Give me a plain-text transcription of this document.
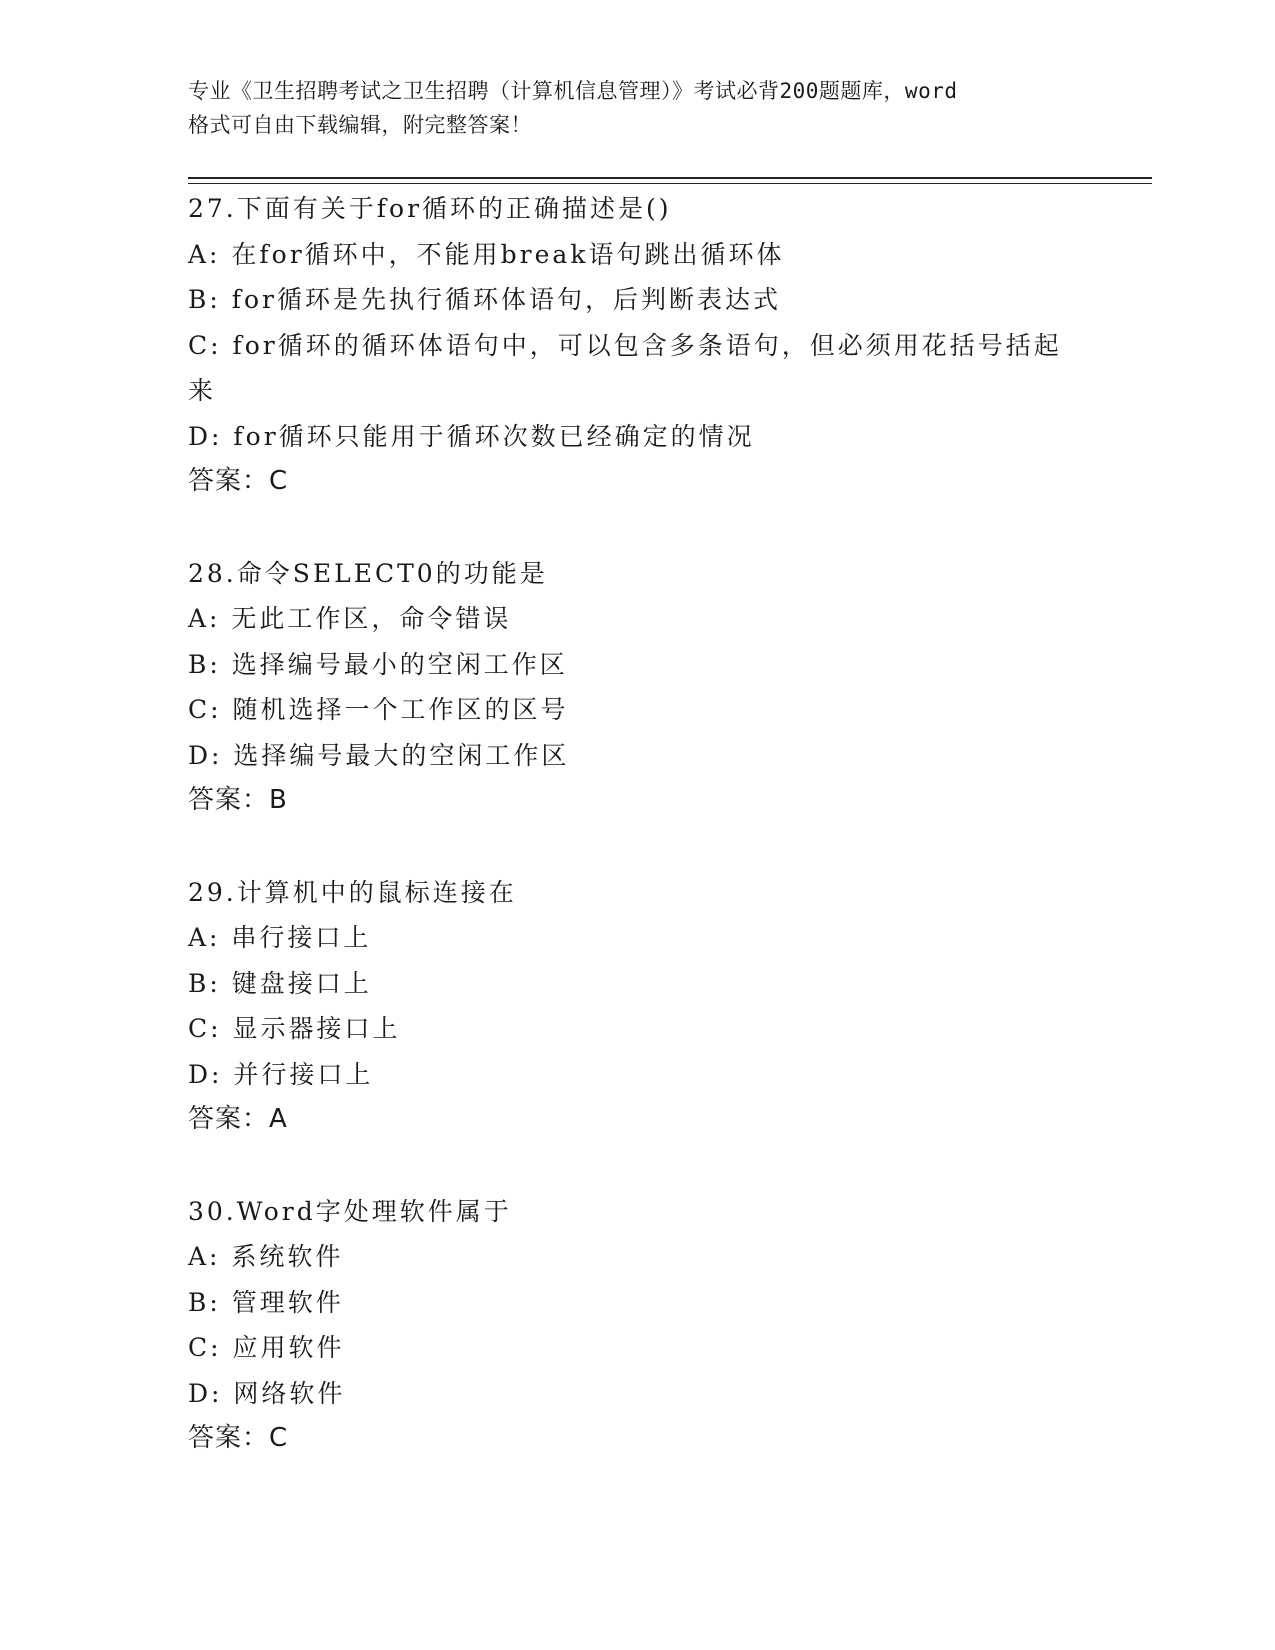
专业《卫生招聘考试之卫生招聘（计算机信息管理）》考试必背200题题库，word
格式可自由下载编辑，附完整答案！
27.下面有关于for循环的正确描述是()
A: 在for循环中，不能用break语句跳出循环体
B: for循环是先执行循环体语句，后判断表达式
C: for循环的循环体语句中，可以包含多条语句，但必须用花括号括起来
D: for循环只能用于循环次数已经确定的情况
答案：C
28.命令SELECT0的功能是
A: 无此工作区，命令错误
B: 选择编号最小的空闲工作区
C: 随机选择一个工作区的区号
D: 选择编号最大的空闲工作区
答案：B
29.计算机中的鼠标连接在
A: 串行接口上
B: 键盘接口上
C: 显示器接口上
D: 并行接口上
答案：A
30.Word字处理软件属于
A: 系统软件
B: 管理软件
C: 应用软件
D: 网络软件
答案：C
